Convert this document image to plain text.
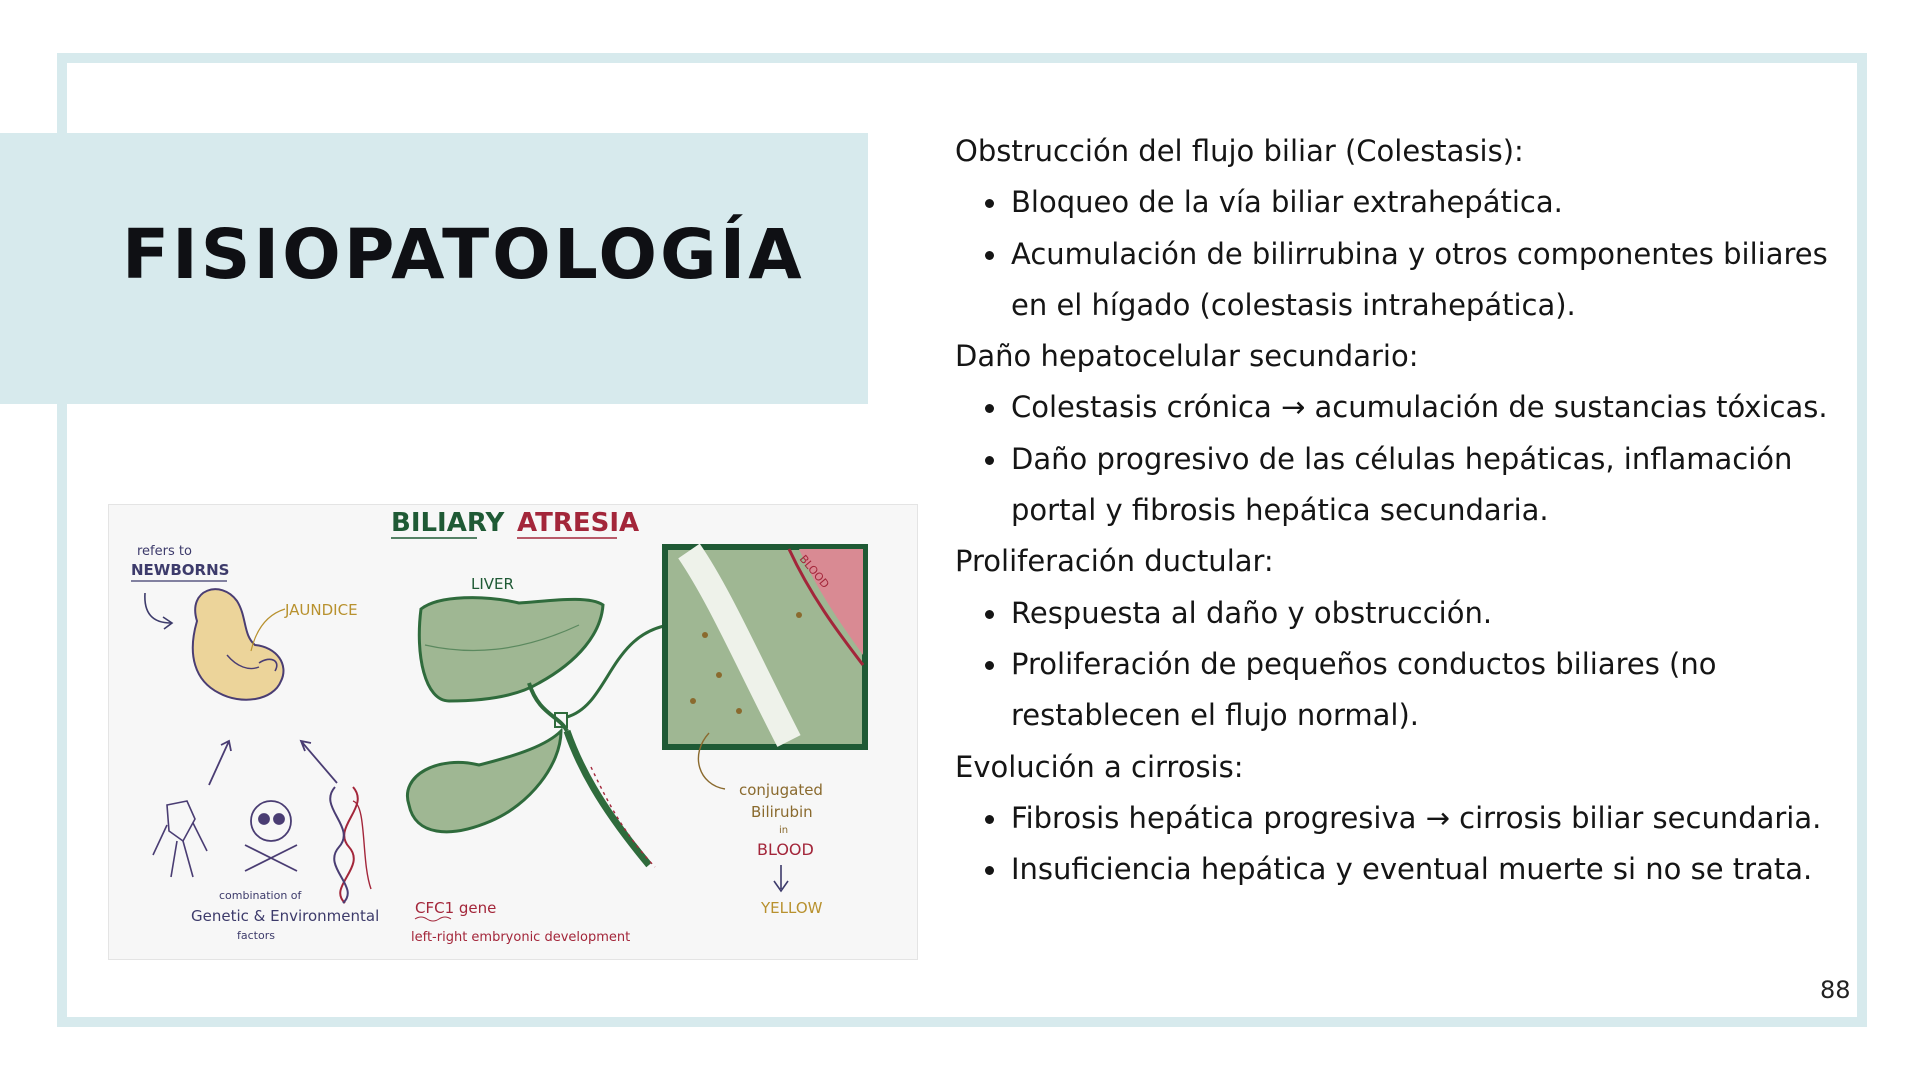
FISIOPATOLOGÍA
BILIARY ATRESIA
refers to
NEWBORNS
JAUNDICE
combination of
Genetic & Environmental
factors
CFC1 gene
left-right embryonic development
LIVER	BLOOD
conjugated
Bilirubin
in
BLOOD
YELLOW

Obstrucción del flujo biliar (Colestasis):

Bloqueo de la vía biliar extrahepática.
Acumulación de bilirrubina y otros componentes biliares en el hígado (colestasis intrahepática).

Daño hepatocelular secundario:

Colestasis crónica → acumulación de sustancias tóxicas.
Daño progresivo de las células hepáticas, inflamación portal y fibrosis hepática secundaria.

Proliferación ductular:

Respuesta al daño y obstrucción.
Proliferación de pequeños conductos biliares (no restablecen el flujo normal).

Evolución a cirrosis:

Fibrosis hepática progresiva → cirrosis biliar secundaria.
Insuficiencia hepática y eventual muerte si no se trata.
88
